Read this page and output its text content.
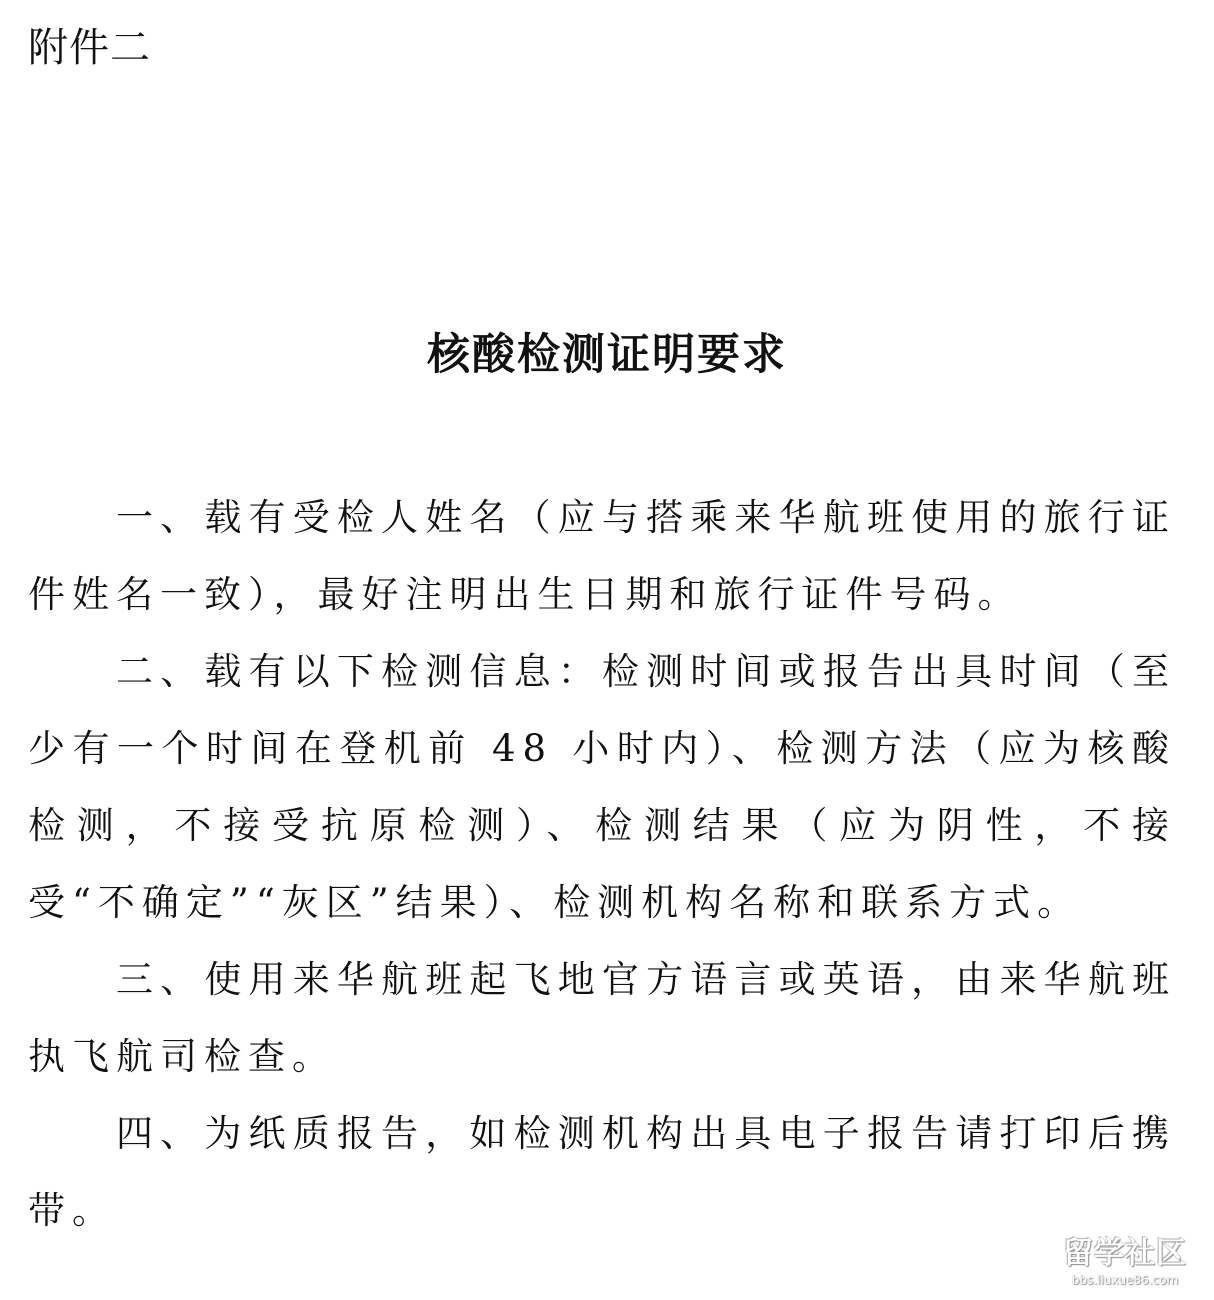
附件二
核酸检测证明要求

一、载有受检人姓名（应与搭乘来华航班使用的旅行证件姓名一致），最好注明出生日期和旅行证件号码。

二、载有以下检测信息：检测时间或报告出具时间（至少有一个时间在登机前 48 小时内）、检测方法（应为核酸检测，不接受抗原检测）、检测结果（应为阴性，不接受“不确定”“灰区”结果）、检测机构名称和联系方式。

三、使用来华航班起飞地官方语言或英语，由来华航班执飞航司检查。

四、为纸质报告，如检测机构出具电子报告请打印后携带。

留学社区
bbs.liuxue86.com
